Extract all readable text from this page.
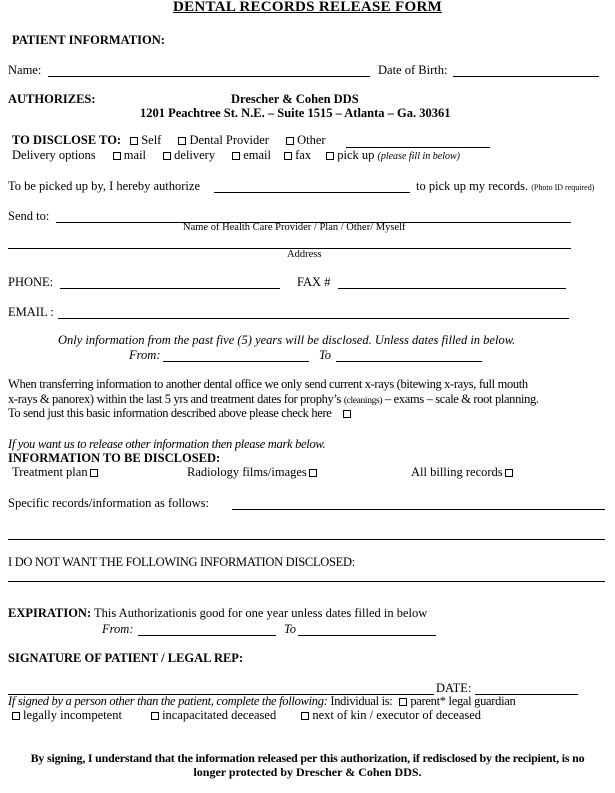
DENTAL RECORDS RELEASE FORM
PATIENT INFORMATION:
Name:	Date of Birth:
AUTHORIZES:	Drescher & Cohen DDS
1201 Peachtree St. N.E. – Suite 1515 – Atlanta – Ga. 30361
TO DISCLOSE TO: Self Dental Provider Other
Delivery options mail delivery email fax pick up (please fill in below)
To be picked up by, I hereby authorize	to pick up my records. (Photo ID required)
Send to:
Name of Health Care Provider / Plan / Other/ Myself
Address
PHONE:	FAX #
EMAIL :
Only information from the past five (5) years will be disclosed. Unless dates filled in below.
From:	To
When transferring information to another dental office we only send current x-rays (bitewing x-rays, full mouth
x-rays & panorex) within the last 5 yrs and treatment dates for prophy’s (cleanings) – exams – scale & root planning.
To send just this basic information described above please check here
If you want us to release other information then please mark below.
INFORMATION TO BE DISCLOSED:
Treatment plan	Radiology films/images	All billing records
Specific records/information as follows:
I DO NOT WANT THE FOLLOWING INFORMATION DISCLOSED:
EXPIRATION: This Authorizationis good for one year unless dates filled in below
From:	To
SIGNATURE OF PATIENT / LEGAL REP:
DATE:
If signed by a person other than the patient, complete the following: Individual is: parent* legal guardian
legally incompetent	incapacitated deceased	next of kin / executor of deceased
By signing, I understand that the information released per this authorization, if redisclosed by the recipient, is no
longer protected by Drescher & Cohen DDS.
